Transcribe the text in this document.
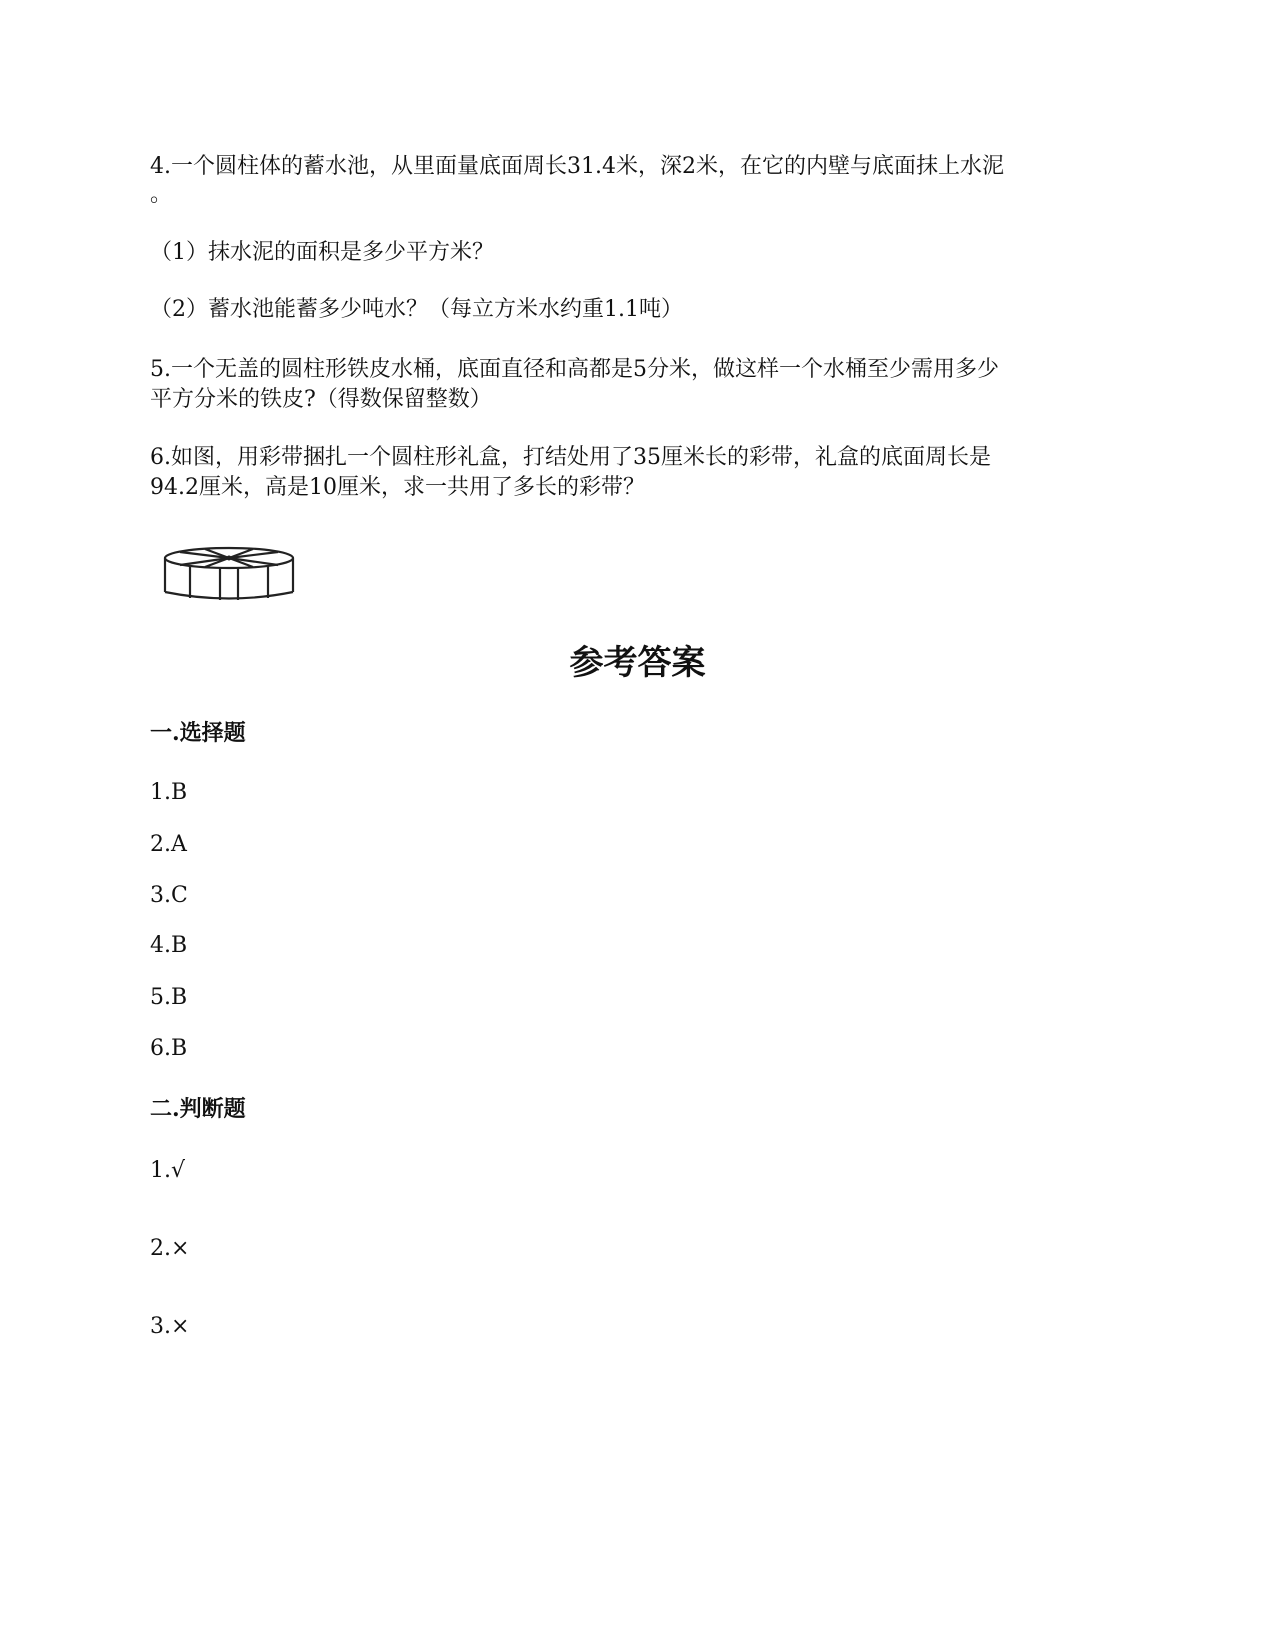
4.一个圆柱体的蓄水池，从里面量底面周长31.4米，深2米，在它的内壁与底面抹上水泥
。
（1）抹水泥的面积是多少平方米？
（2）蓄水池能蓄多少吨水？（每立方米水约重1.1吨）
5.一个无盖的圆柱形铁皮水桶，底面直径和高都是5分米，做这样一个水桶至少需用多少
平方分米的铁皮?（得数保留整数）
6.如图，用彩带捆扎一个圆柱形礼盒，打结处用了35厘米长的彩带，礼盒的底面周长是
94.2厘米，高是10厘米，求一共用了多长的彩带？
参考答案
一.选择题
1.B
2.A
3.C
4.B
5.B
6.B
二.判断题
1.√
2.×
3.×
